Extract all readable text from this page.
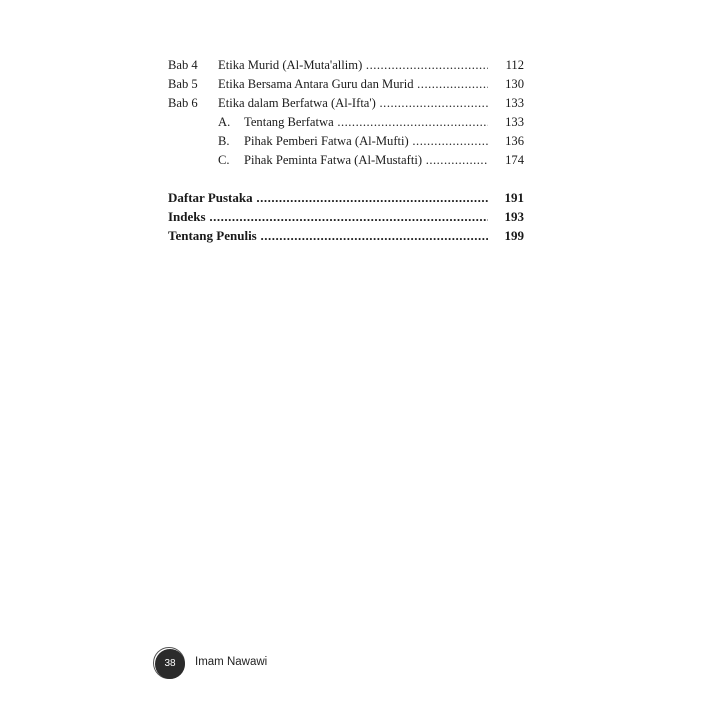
Bab 4 Etika Murid (Al-Muta'allim) .....	112
Bab 5 Etika Bersama Antara Guru dan Murid .....	130
Bab 6 Etika dalam Berfatwa (Al-Ifta') .....	133
A. Tentang Berfatwa .....	133
B. Pihak Pemberi Fatwa (Al-Mufti) .....	136
C. Pihak Peminta Fatwa (Al-Mustafti) .....	174
Daftar Pustaka .....	191
Indeks .....	193
Tentang Penulis .....	199
38	Imam Nawawi
